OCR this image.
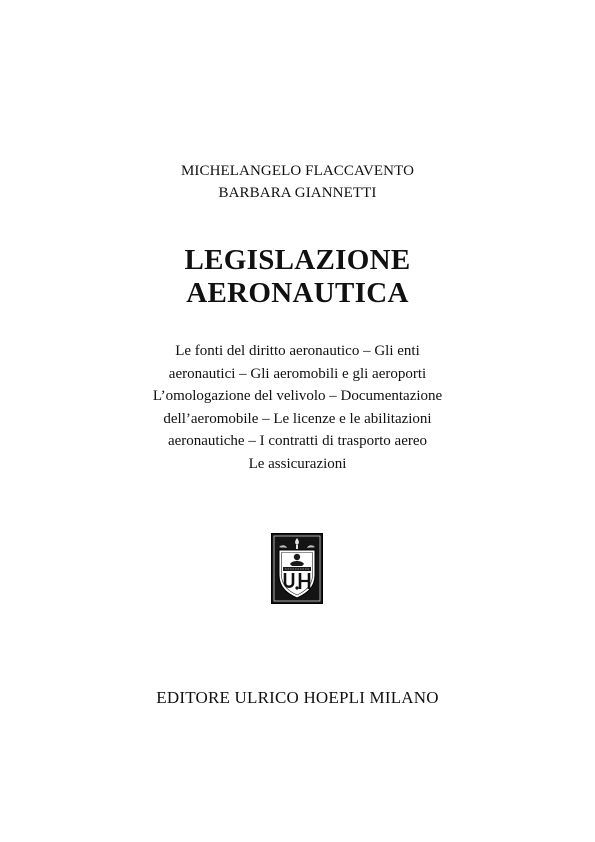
MICHELANGELO FLACCAVENTO
BARBARA GIANNETTI
LEGISLAZIONE
AERONAUTICA
Le fonti del diritto aeronautico – Gli enti
aeronautici – Gli aeromobili e gli aeroporti
L’omologazione del velivolo – Documentazione
dell’aeromobile – Le licenze e le abilitazioni
aeronautiche – I contratti di trasporto aereo
Le assicurazioni
EDITORE ULRICO HOEPLI MILANO
